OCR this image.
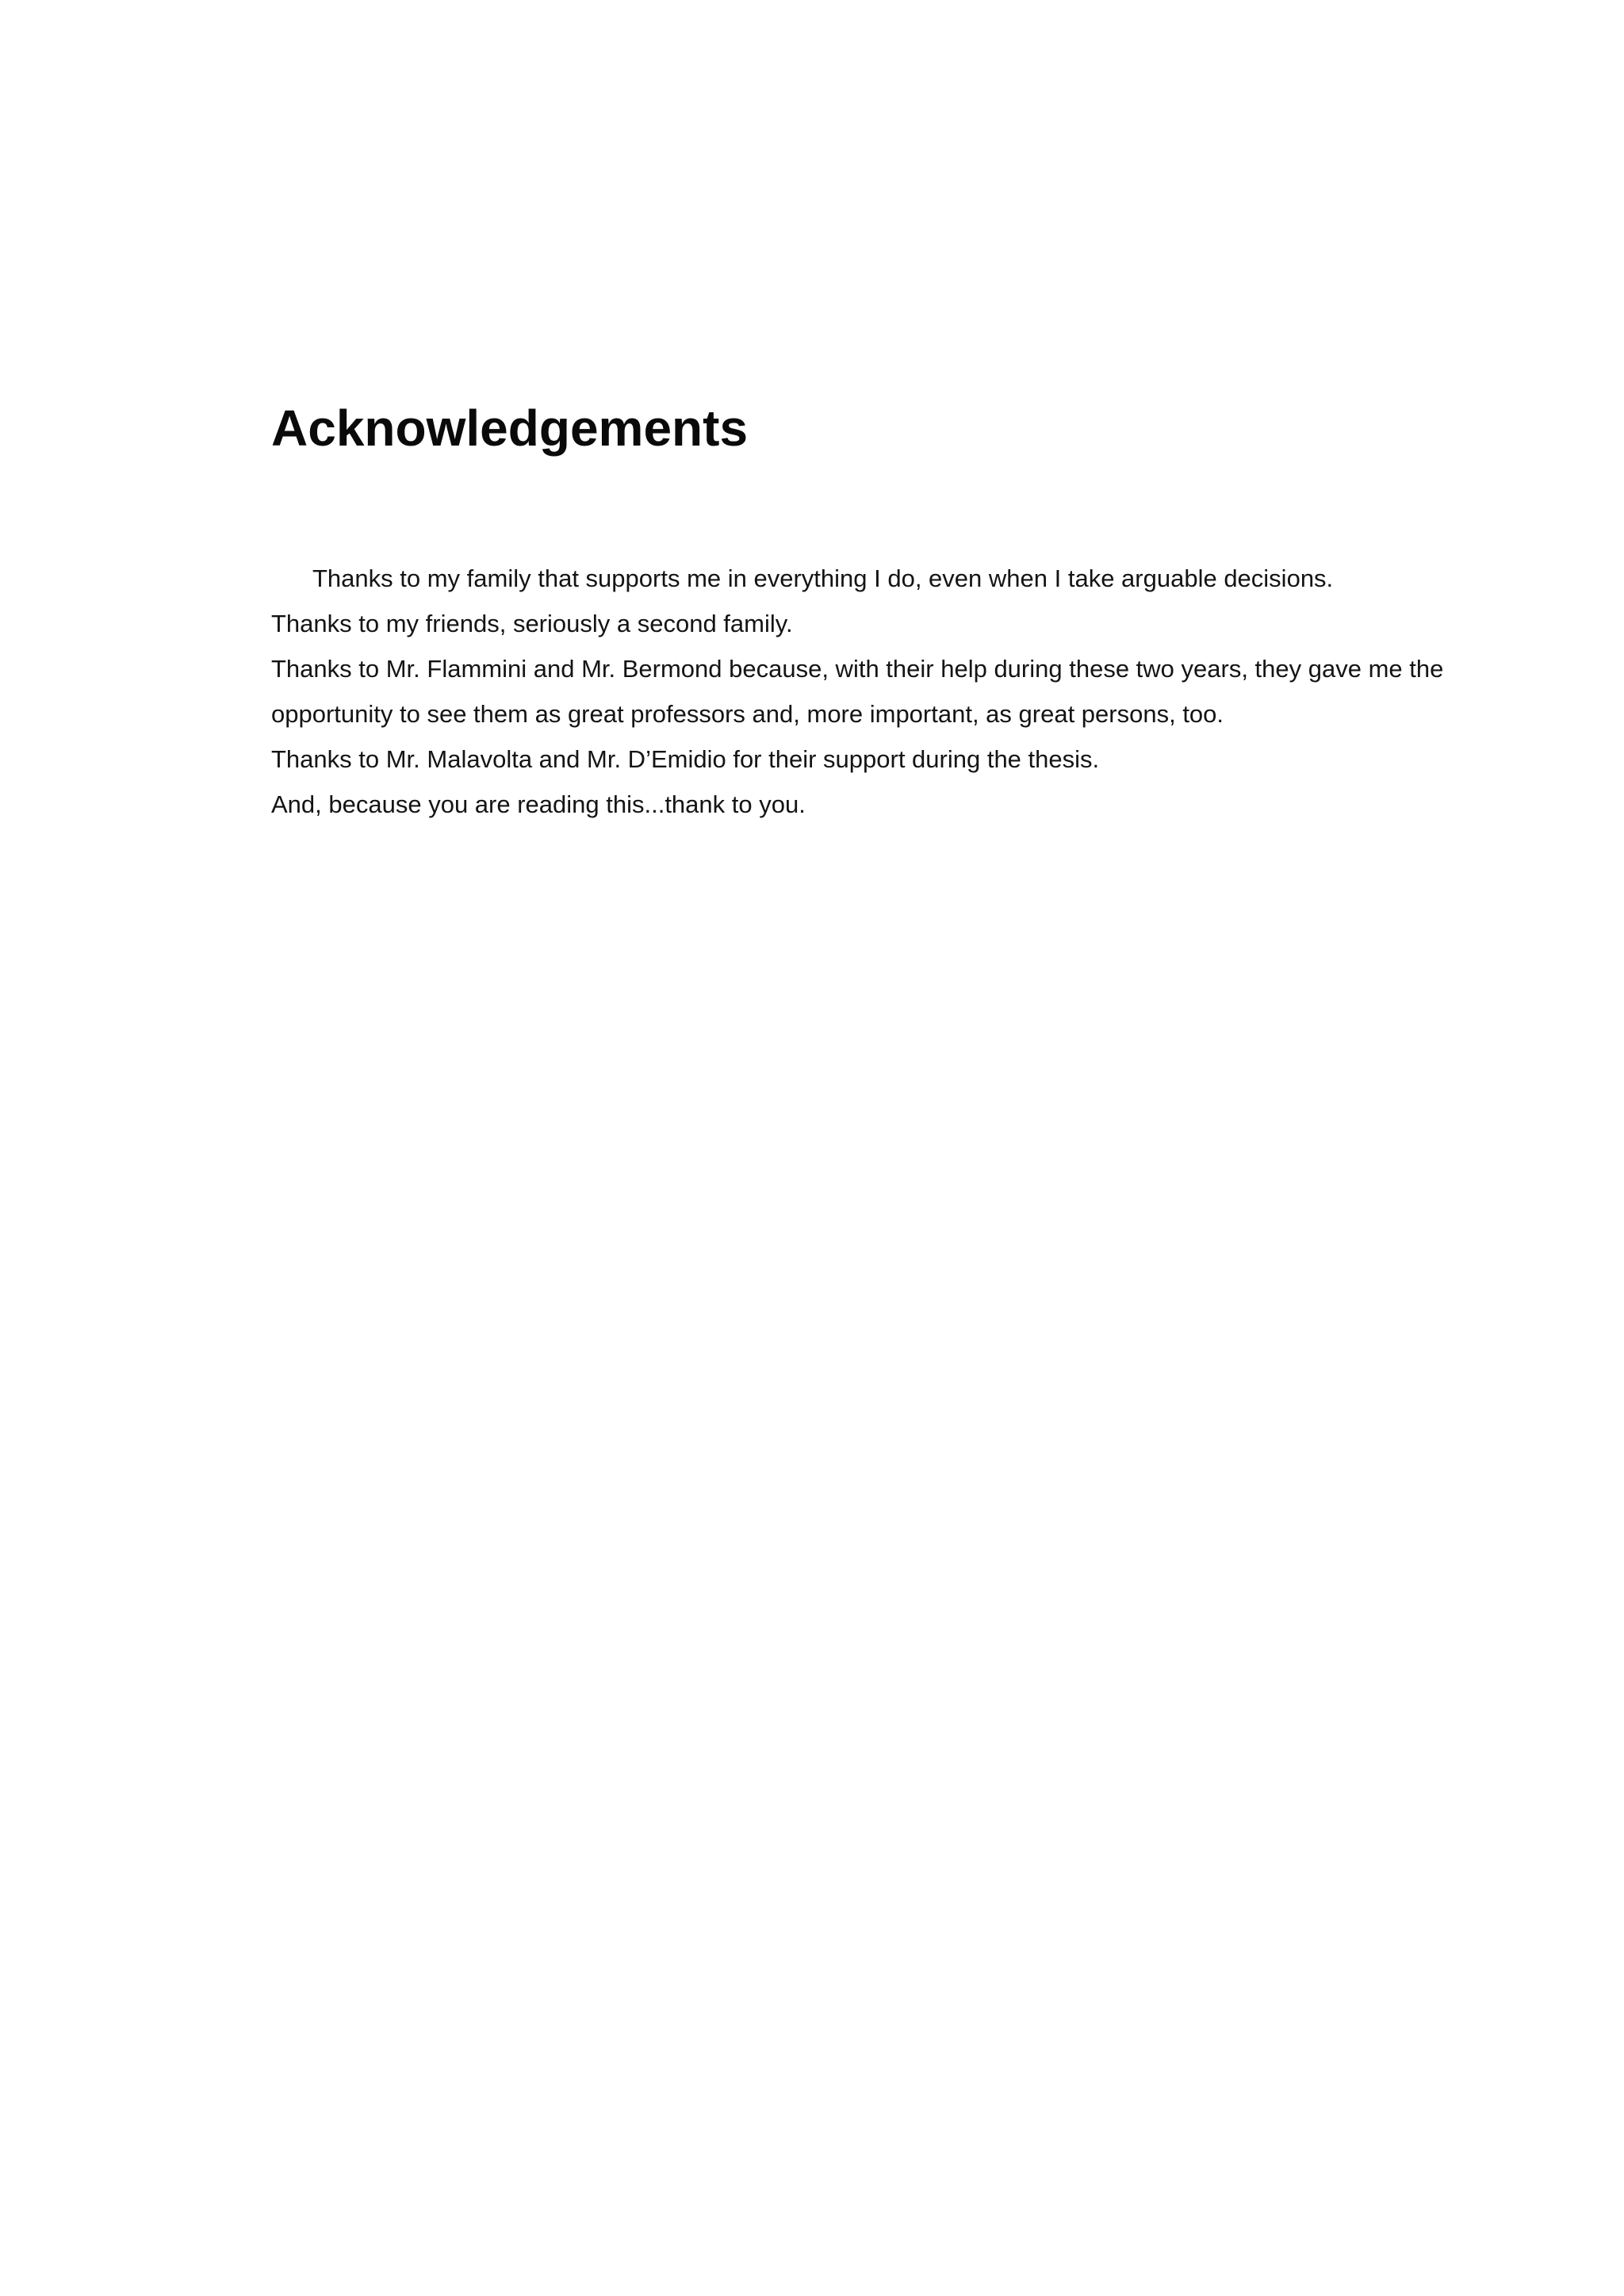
Acknowledgements

Thanks to my family that supports me in everything I do, even when I take arguable decisions.

Thanks to my friends, seriously a second family.

Thanks to Mr. Flammini and Mr. Bermond because, with their help during these two years, they gave me the opportunity to see them as great professors and, more important, as great persons, too.

Thanks to Mr. Malavolta and Mr. D’Emidio for their support during the thesis.

And, because you are reading this...thank to you.
